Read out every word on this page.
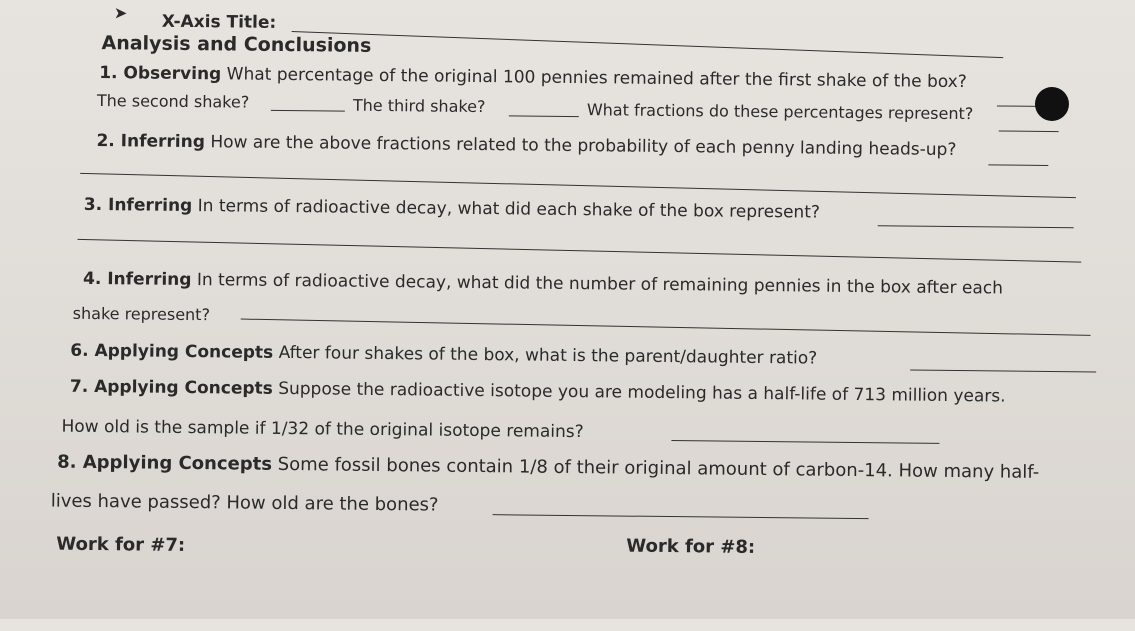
➤ X-Axis Title:
Analysis and Conclusions
1. Observing What percentage of the original 100 pennies remained after the first shake of the box?
The second shake?	The third shake?	What fractions do these percentages represent?
2. Inferring How are the above fractions related to the probability of each penny landing heads-up?
3. Inferring In terms of radioactive decay, what did each shake of the box represent?
4. Inferring In terms of radioactive decay, what did the number of remaining pennies in the box after each
shake represent?
6. Applying Concepts After four shakes of the box, what is the parent/daughter ratio?
7. Applying Concepts Suppose the radioactive isotope you are modeling has a half-life of 713 million years.
How old is the sample if 1/32 of the original isotope remains?
8. Applying Concepts Some fossil bones contain 1/8 of their original amount of carbon-14. How many half-
lives have passed? How old are the bones?
Work for #7:	Work for #8:
